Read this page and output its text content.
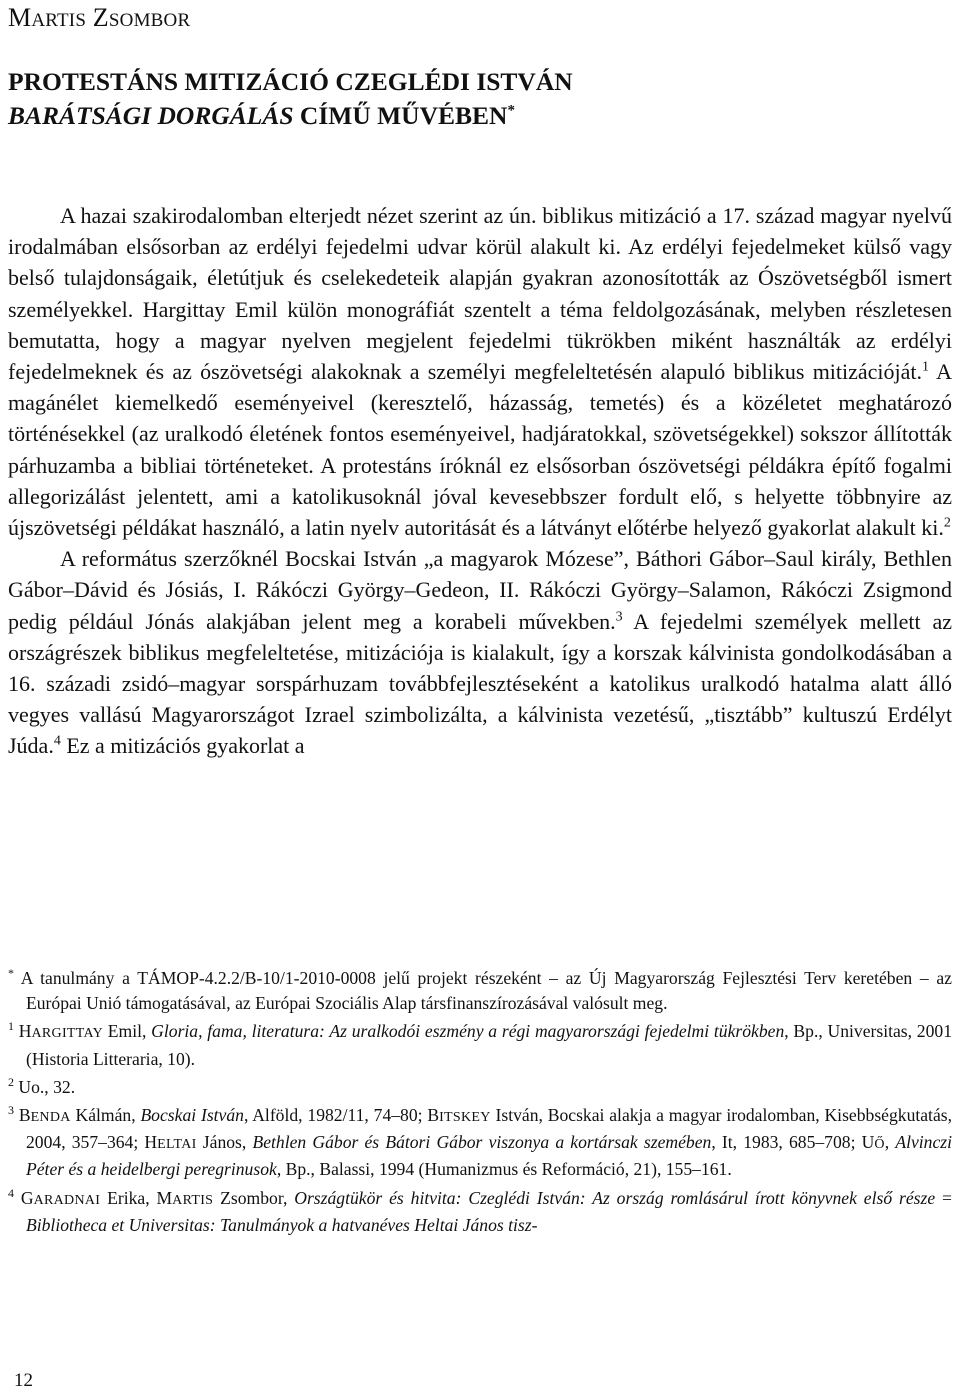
MARTIS ZSOMBOR
PROTESTÁNS MITIZÁCIÓ CZEGLÉDI ISTVÁN
BARÁTSÁGI DORGÁLÁS CÍMŰ MŰVÉBEN*

A hazai szakirodalomban elterjedt nézet szerint az ún. biblikus mitizáció a 17. század magyar nyelvű irodalmában elsősorban az erdélyi fejedelmi udvar körül alakult ki. Az erdélyi fejedelmeket külső vagy belső tulajdonságaik, életútjuk és cselekedeteik alapján gyakran azonosították az Ószövetségből ismert személyekkel. Hargittay Emil külön monográfiát szentelt a téma feldolgozásának, melyben részletesen bemutatta, hogy a magyar nyelven megjelent fejedelmi tükrökben miként használták az erdélyi fejedelmeknek és az ószövetségi alakoknak a személyi megfeleltetésén alapuló biblikus mitizációját.$^1$ A magánélet kiemelkedő eseményeivel (keresztelő, házasság, temetés) és a közéletet meghatározó történésekkel (az uralkodó életének fontos eseményeivel, hadjáratokkal, szövetségekkel) sokszor állították párhuzamba a bibliai történeteket. A protestáns íróknál ez elsősorban ószövetségi példákra építő fogalmi allegorizálást jelentett, ami a katolikusoknál jóval kevesebbszer fordult elő, s helyette többnyire az újszövetségi példákat használó, a latin nyelv autoritását és a látványt előtérbe helyező gyakorlat alakult ki.$^2$

A református szerzőknél Bocskai István „a magyarok Mózese”, Báthori Gábor–Saul király, Bethlen Gábor–Dávid és Jósiás, I. Rákóczi György–Gedeon, II. Rákóczi György–Salamon, Rákóczi Zsigmond pedig például Jónás alakjában jelent meg a korabeli művekben.$^3$ A fejedelmi személyek mellett az országrészek biblikus megfeleltetése, mitizációja is kialakult, így a korszak kálvinista gondolkodásában a 16. századi zsidó–magyar sorspárhuzam továbbfejlesztéseként a katolikus uralkodó hatalma alatt álló vegyes vallású Magyarországot Izrael szimbolizálta, a kálvinista vezetésű, „tisztább” kultuszú Erdélyt Júda.$^4$ Ez a mitizációs gyakorlat a

* A tanulmány a TÁMOP-4.2.2/B-10/1-2010-0008 jelű projekt részeként – az Új Magyarország Fejlesztési Terv keretében – az Európai Unió támogatásával, az Európai Szociális Alap társfinanszírozásával valósult meg.

$^1$ HARGITTAY Emil, Gloria, fama, literatura: Az uralkodói eszmény a régi magyarországi fejedelmi tükrökben, Bp., Universitas, 2001 (Historia Litteraria, 10).

$^2$ Uo., 32.

$^3$ BENDA Kálmán, Bocskai István, Alföld, 1982/11, 74–80; BITSKEY István, Bocskai alakja a magyar irodalomban, Kisebbségkutatás, 2004, 357–364; HELTAI János, Bethlen Gábor és Bátori Gábor viszonya a kortársak szemében, It, 1983, 685–708; UŐ, Alvinczi Péter és a heidelbergi peregrinusok, Bp., Balassi, 1994 (Humanizmus és Reformáció, 21), 155–161.

$^4$ GARADNAI Erika, MARTIS Zsombor, Országtükör és hitvita: Czeglédi István: Az ország romlásárul írott könyvnek első része = Bibliotheca et Universitas: Tanulmányok a hatvanéves Heltai János tisz-

12
